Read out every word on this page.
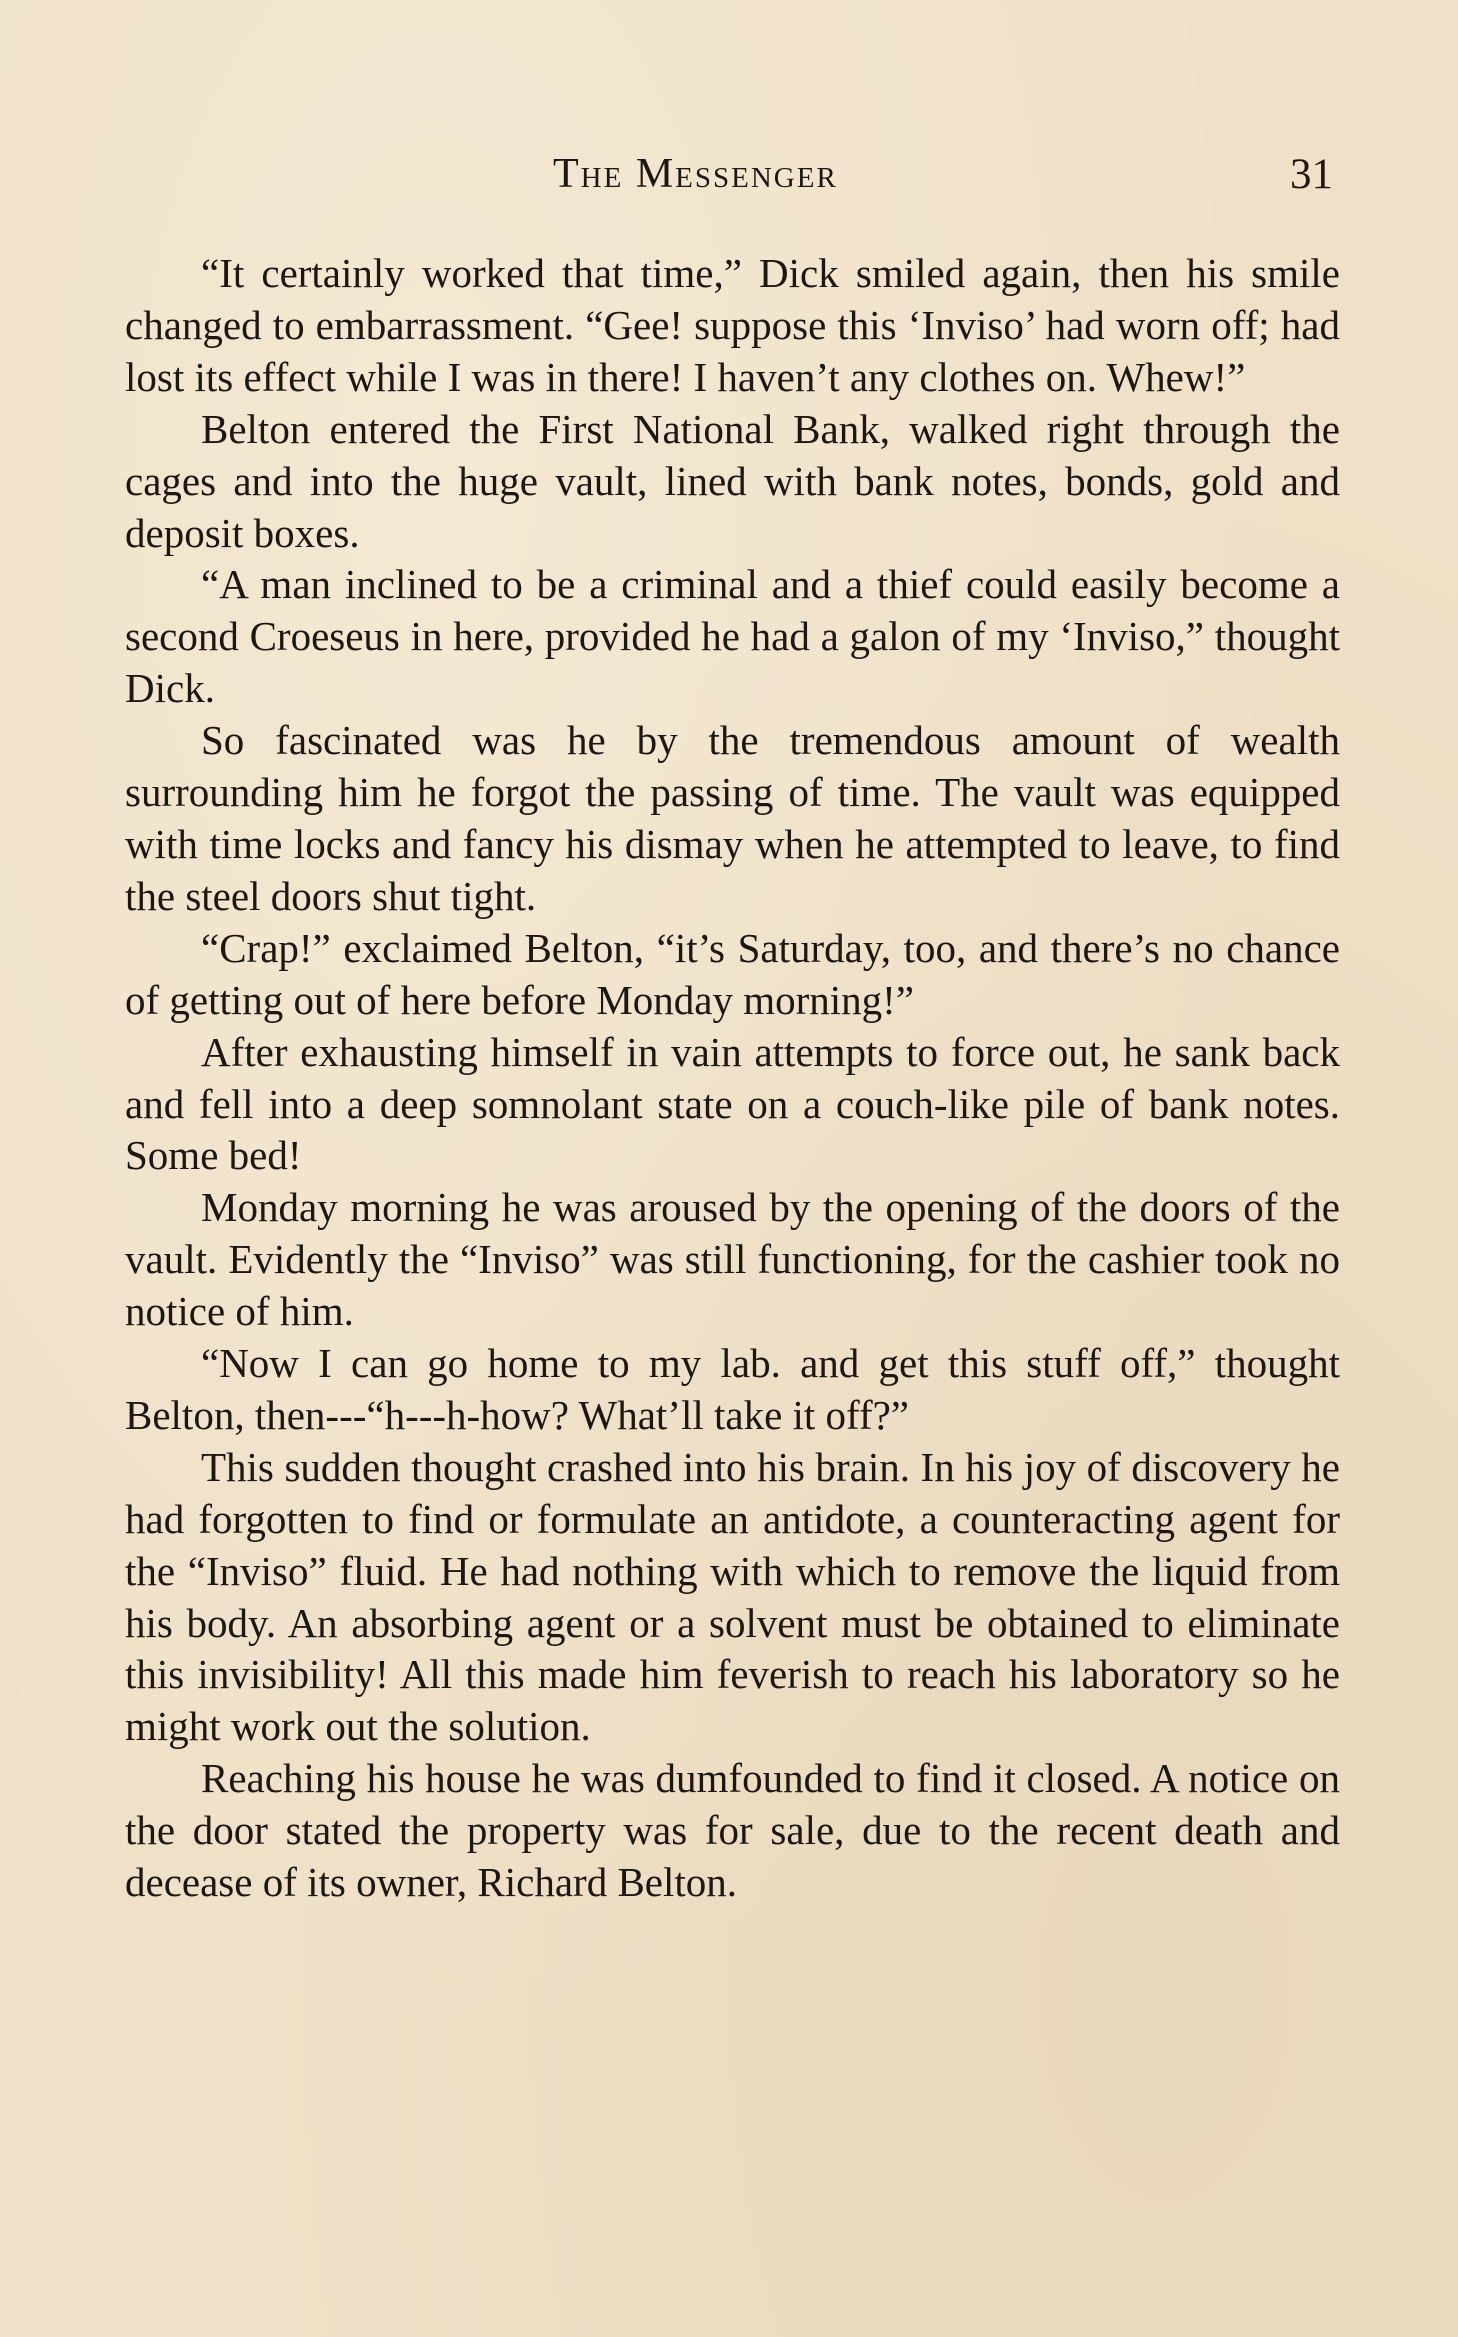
The Messenger	31

“It certainly worked that time,” Dick smiled again, then his smile changed to embarrassment. “Gee! suppose this ‘Inviso’ had worn off; had lost its effect while I was in there! I haven’t any clothes on. Whew!”

Belton entered the First National Bank, walked right through the cages and into the huge vault, lined with bank notes, bonds, gold and deposit boxes.

“A man inclined to be a criminal and a thief could easily become a second Croeseus in here, provided he had a galon of my ‘Inviso,” thought Dick.

So fascinated was he by the tremendous amount of wealth surrounding him he forgot the passing of time. The vault was equipped with time locks and fancy his dismay when he attempted to leave, to find the steel doors shut tight.

“Crap!” exclaimed Belton, “it’s Saturday, too, and there’s no chance of getting out of here before Monday morning!”

After exhausting himself in vain attempts to force out, he sank back and fell into a deep somnolant state on a couch-like pile of bank notes. Some bed!

Monday morning he was aroused by the opening of the doors of the vault. Evidently the “Inviso” was still functioning, for the cashier took no notice of him.

“Now I can go home to my lab. and get this stuff off,” thought Belton, then---“h---h-how? What’ll take it off?”

This sudden thought crashed into his brain. In his joy of discovery he had forgotten to find or formulate an antidote, a counteracting agent for the “Inviso” fluid. He had nothing with which to remove the liquid from his body. An absorbing agent or a solvent must be obtained to eliminate this invisibility! All this made him feverish to reach his laboratory so he might work out the solution.

Reaching his house he was dumfounded to find it closed. A notice on the door stated the property was for sale, due to the recent death and decease of its owner, Richard Belton.
